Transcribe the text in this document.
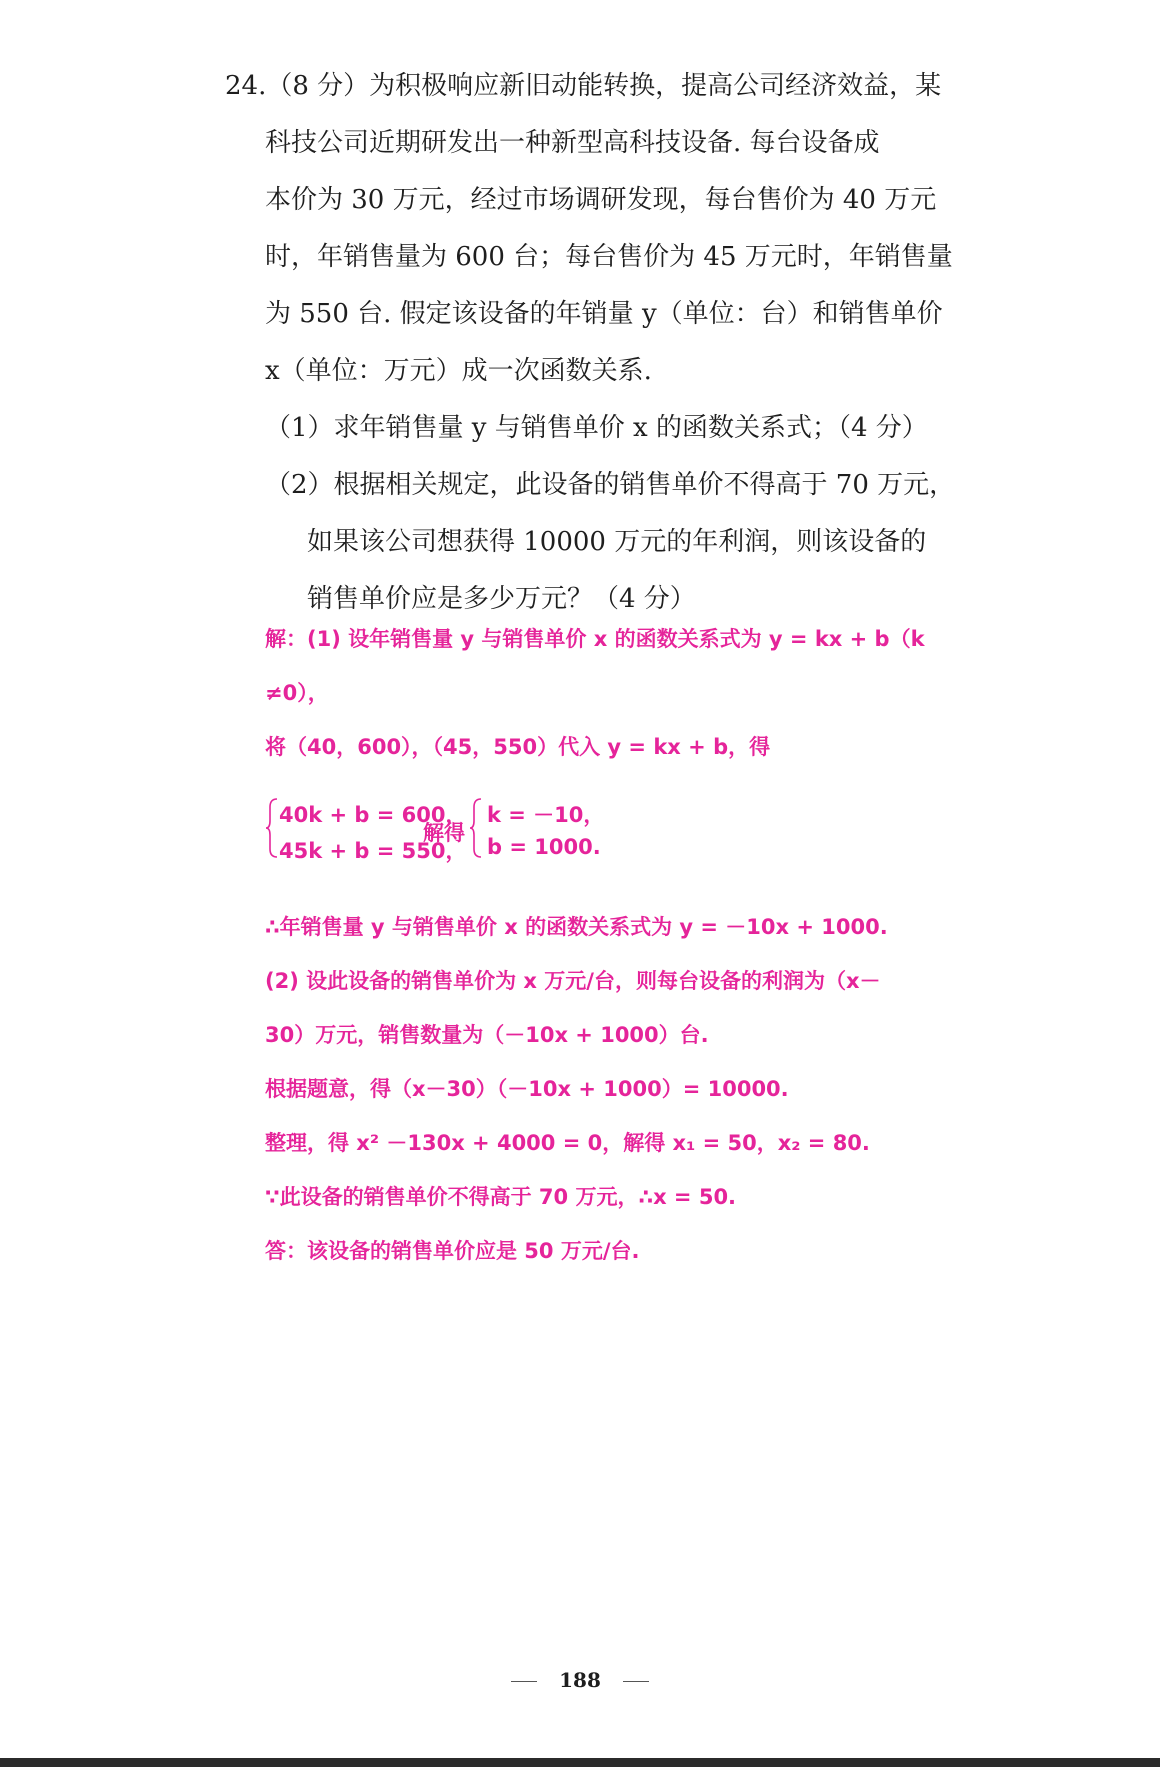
24.（8 分）为积极响应新旧动能转换，提高公司经济效益，某
科技公司近期研发出一种新型高科技设备. 每台设备成
本价为 30 万元，经过市场调研发现，每台售价为 40 万元
时，年销售量为 600 台；每台售价为 45 万元时，年销售量
为 550 台. 假定该设备的年销量 y（单位：台）和销售单价
x（单位：万元）成一次函数关系.
（1）求年销售量 y 与销售单价 x 的函数关系式；（4 分）
（2）根据相关规定，此设备的销售单价不得高于 70 万元，
如果该公司想获得 10000 万元的年利润，则该设备的
销售单价应是多少万元？（4 分）
解：(1) 设年销售量 y 与销售单价 x 的函数关系式为 y = kx + b（k
≠0），
将（40，600），（45，550）代入 y = kx + b，得
40k + b = 600，
45k + b = 550，
解得
k = －10，
b = 1000.
∴年销售量 y 与销售单价 x 的函数关系式为 y = －10x + 1000.
(2) 设此设备的销售单价为 x 万元/台，则每台设备的利润为（x－
30）万元，销售数量为（－10x + 1000）台.
根据题意，得（x－30）（－10x + 1000）= 10000.
整理，得 x² －130x + 4000 = 0，解得 x₁ = 50，x₂ = 80.
∵此设备的销售单价不得高于 70 万元，∴x = 50.
答：该设备的销售单价应是 50 万元/台.
188
